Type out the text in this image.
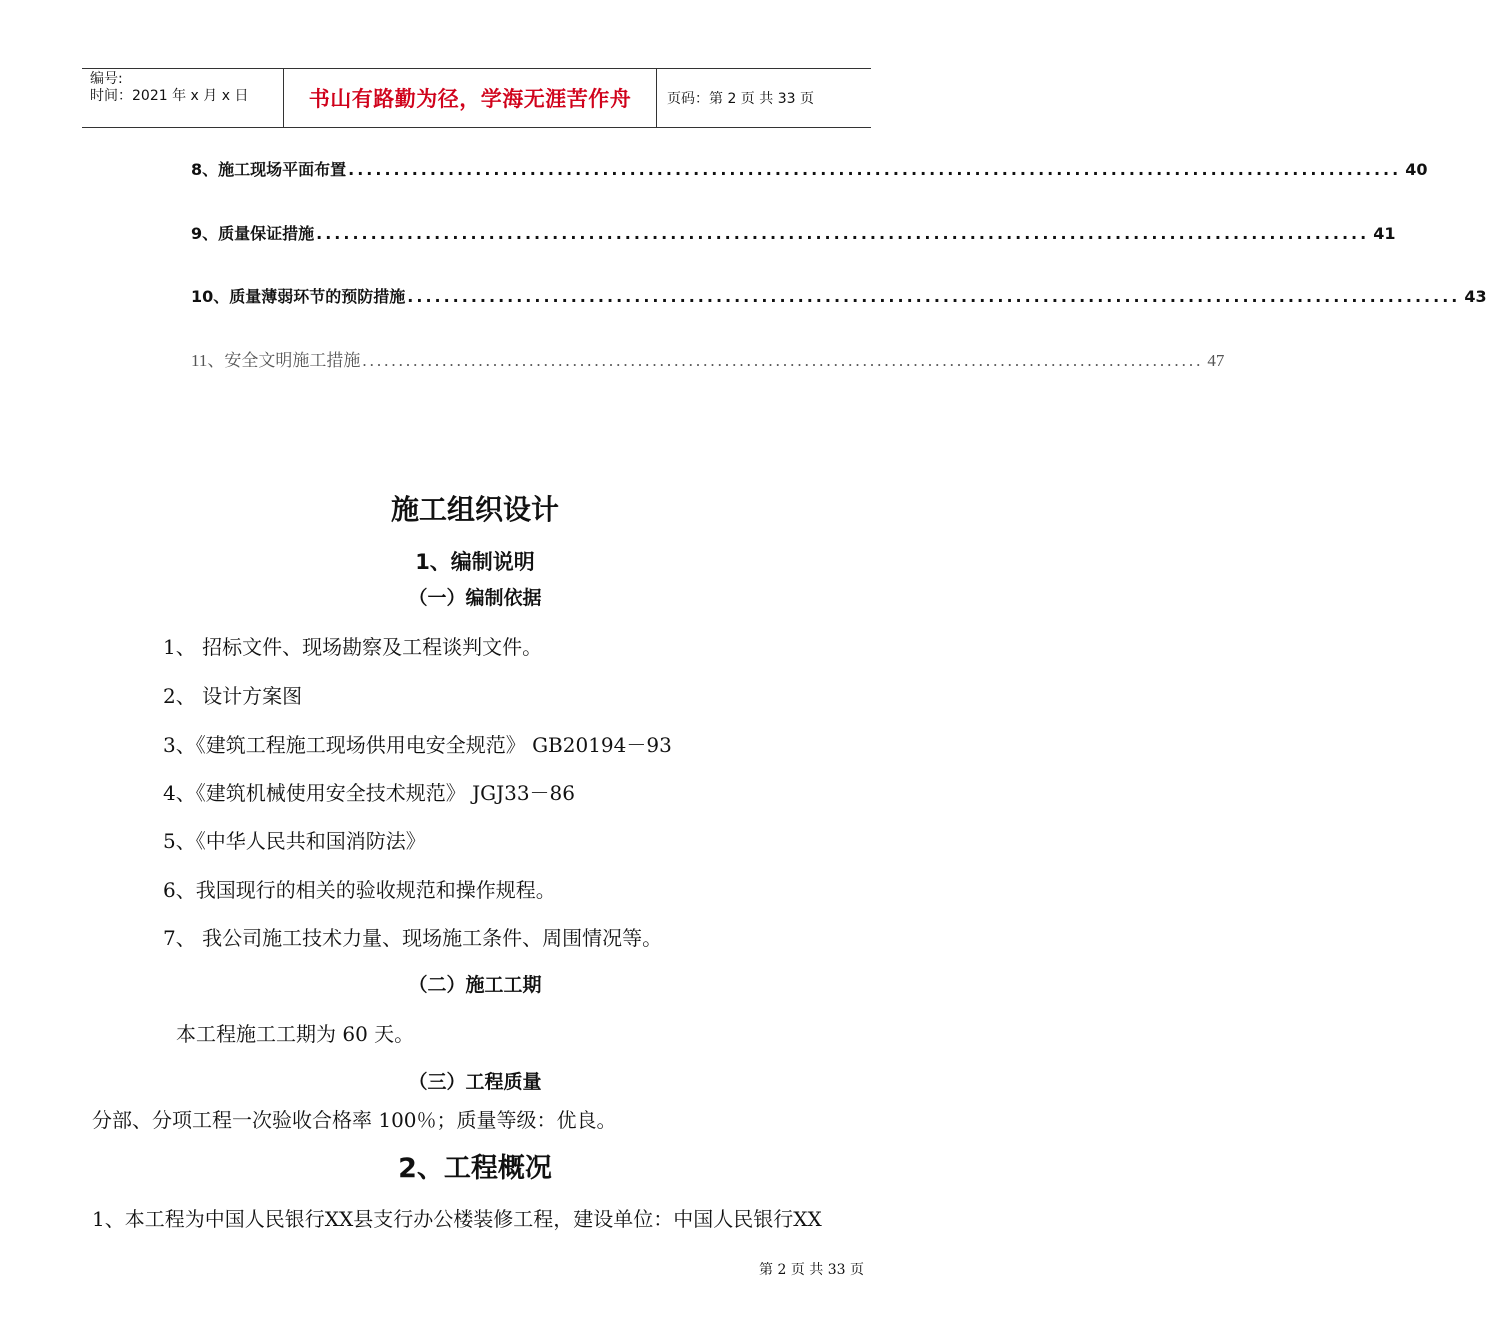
编号:
时间：2021 年 x 月 x 日	书山有路勤为径，学海无涯苦作舟	页码：第 2 页 共 33 页
8、施工现场平面布置 .................................................................................................................... 40
9、质量保证措施 .................................................................................................................... 41
10、质量薄弱环节的预防措施 .................................................................................................................... 43
11、安全文明施工措施 .................................................................................................................... 47
施工组织设计
1、编制说明
（一）编制依据
1、 招标文件、现场勘察及工程谈判文件。
2、 设计方案图
3、《建筑工程施工现场供用电安全规范》 GB20194－93
4、《建筑机械使用安全技术规范》 JGJ33－86
5、《中华人民共和国消防法》
6、我国现行的相关的验收规范和操作规程。
7、 我公司施工技术力量、现场施工条件、周围情况等。
（二）施工工期
本工程施工工期为 60 天。
（三）工程质量
分部、分项工程一次验收合格率 100％；质量等级：优良。
2、工程概况
1、本工程为中国人民银行XX县支行办公楼装修工程，建设单位：中国人民银行XX
第 2 页 共 33 页
